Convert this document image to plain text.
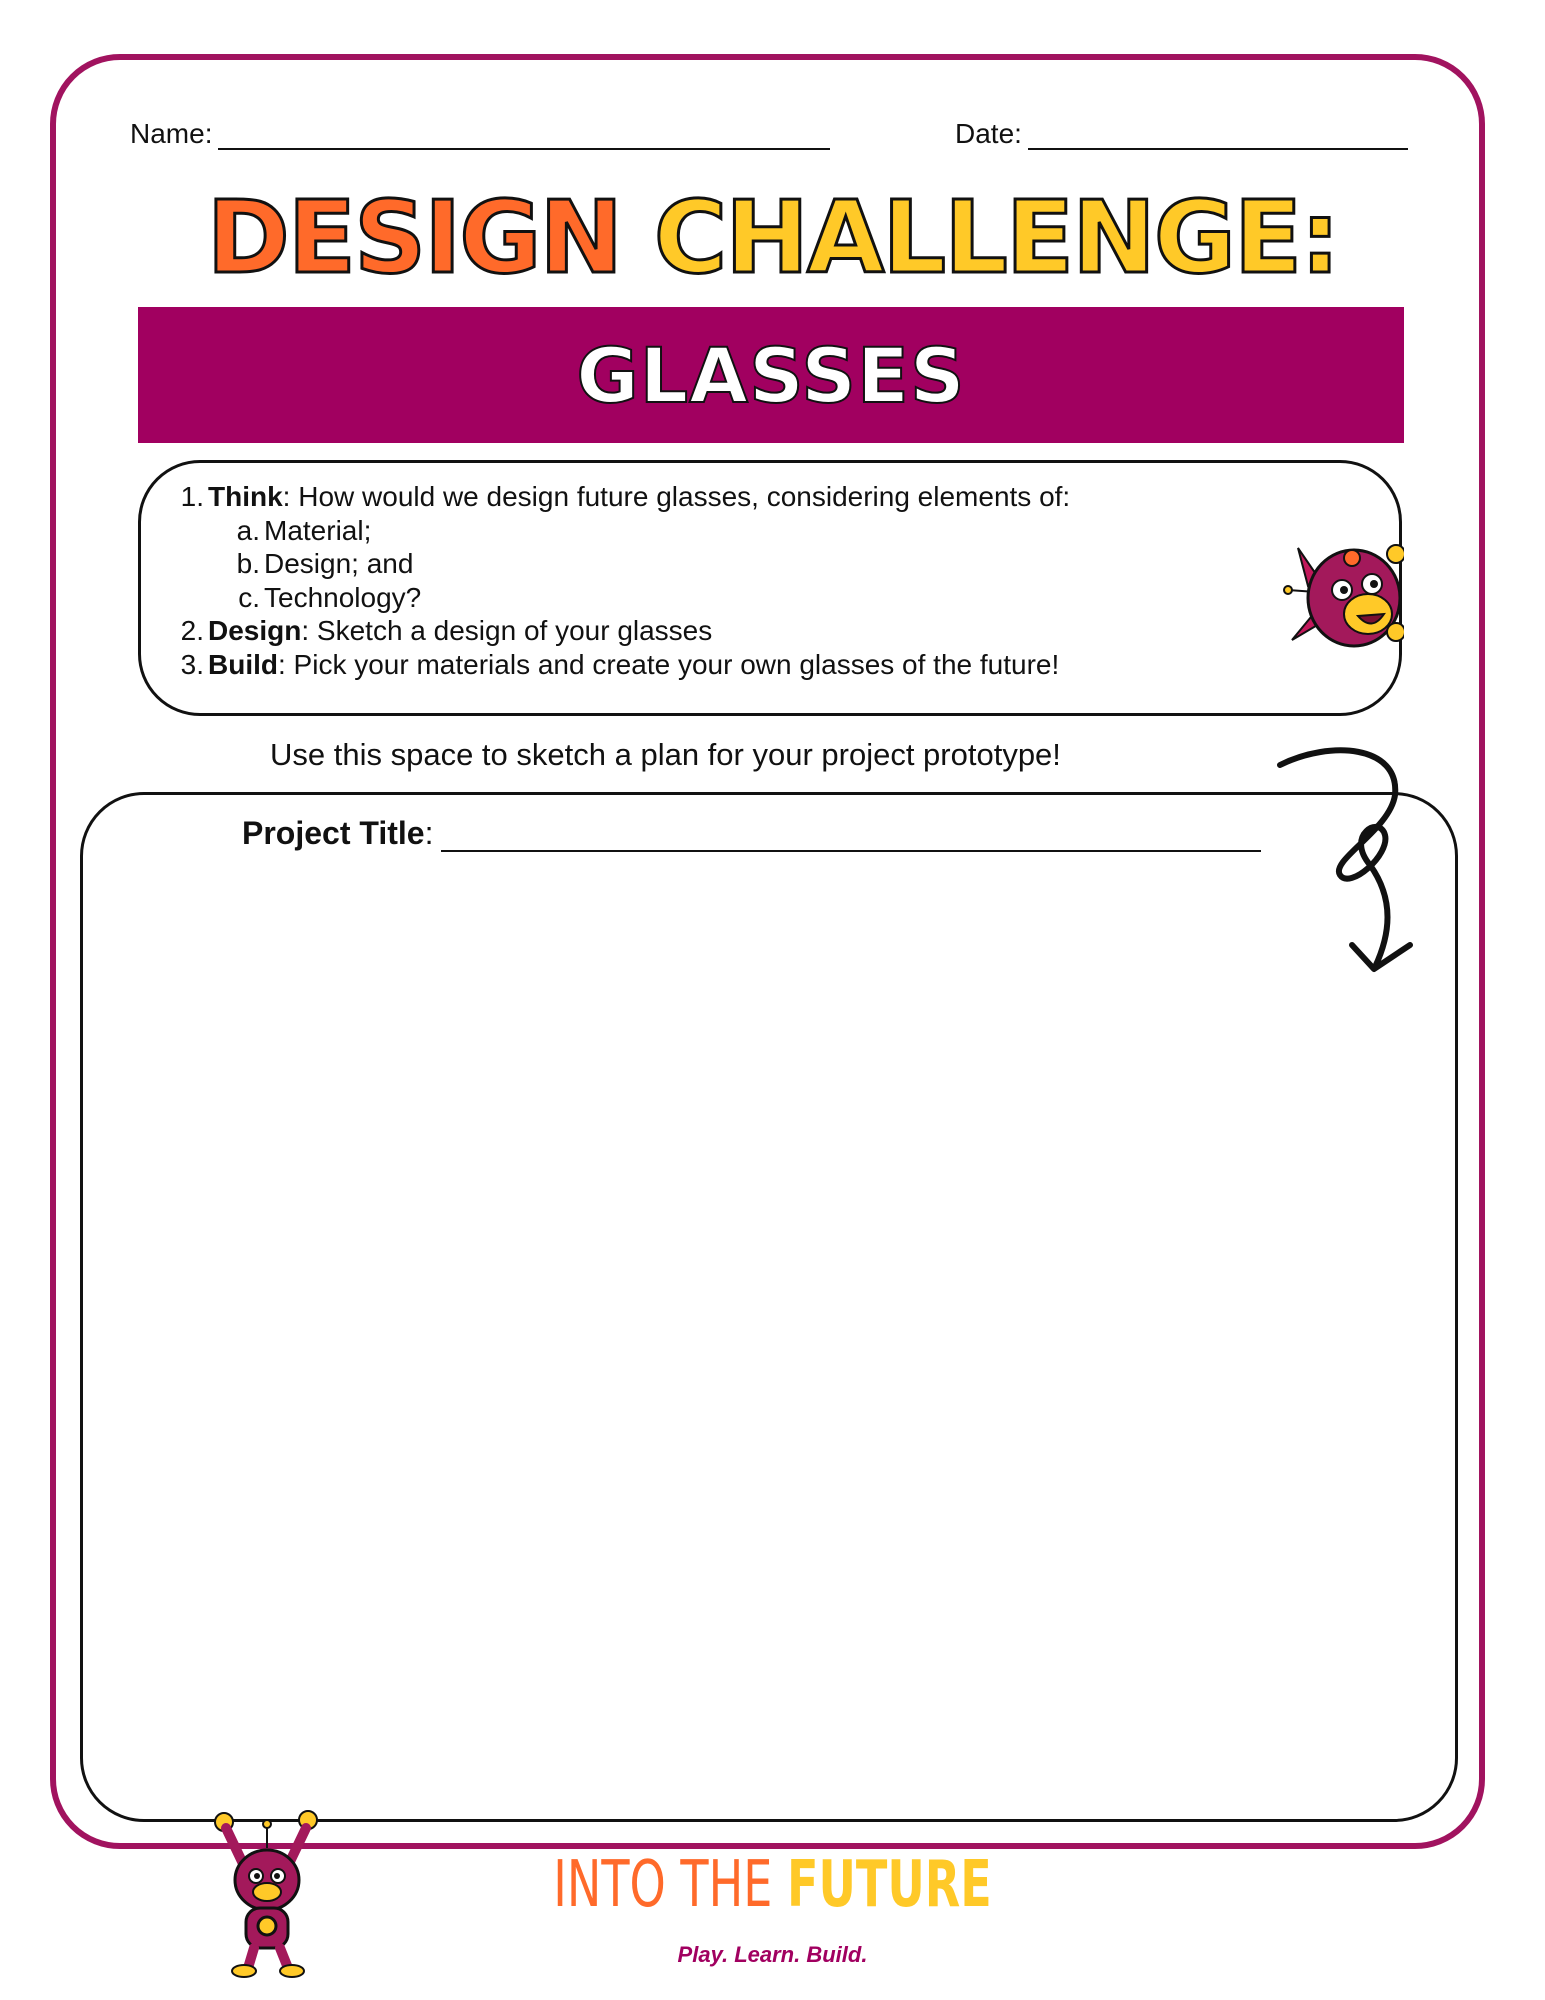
Name:	Date:
DESIGN CHALLENGE:
GLASSES
1. Think : How would we design future glasses, considering elements of:
a. Material;
b. Design; and
c. Technology?
2. Design : Sketch a design of your glasses
3. Build : Pick your materials and create your own glasses of the future!
Use this space to sketch a plan for your project prototype!
Project Title :
INTO THE FUTURE
Play. Learn. Build.
